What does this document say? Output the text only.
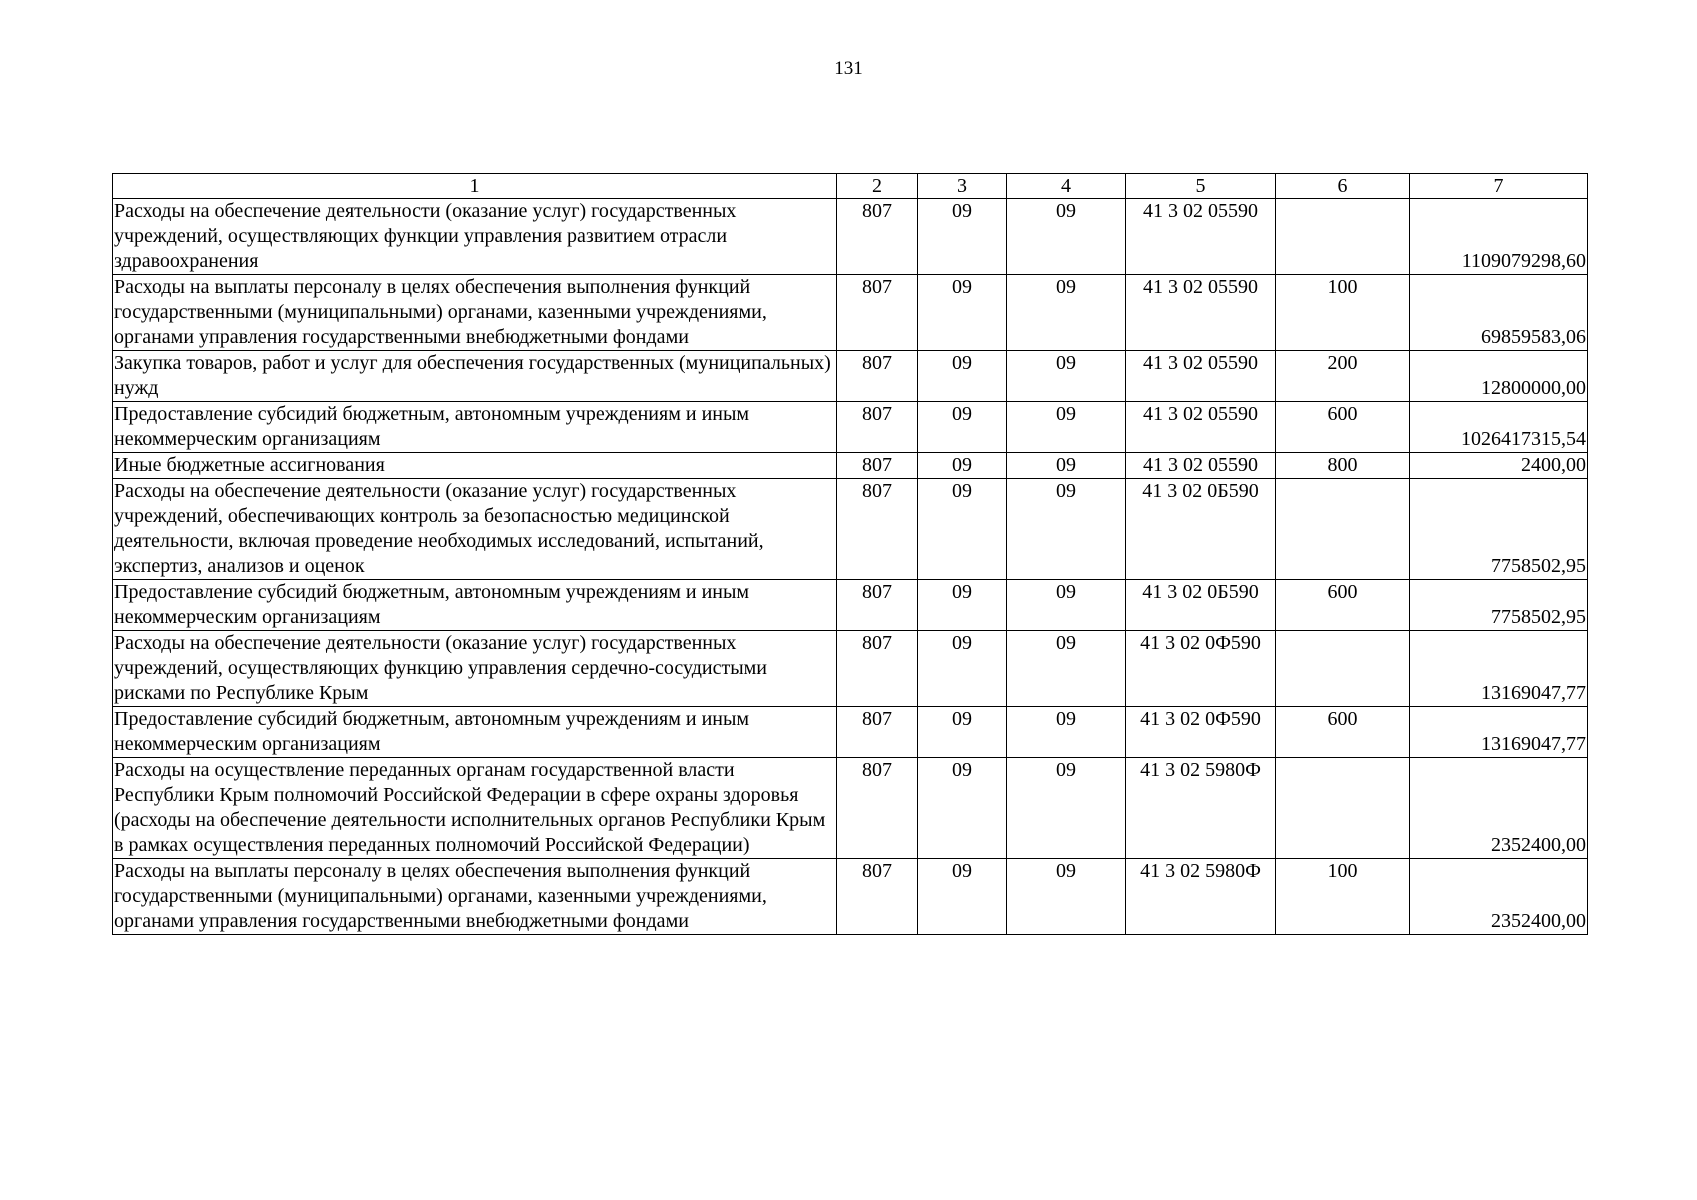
131
1	2	3	4	5	6	7
Расходы на обеспечение деятельности (оказание услуг) государственных учреждений, осуществляющих функции управления развитием отрасли здравоохранения	807	09	09	41 3 02 05590		1109079298,60
Расходы на выплаты персоналу в целях обеспечения выполнения функций государственными (муниципальными) органами, казенными учреждениями, органами управления государственными внебюджетными фондами	807	09	09	41 3 02 05590	100	69859583,06
Закупка товаров, работ и услуг для обеспечения государственных (муниципальных) нужд	807	09	09	41 3 02 05590	200	12800000,00
Предоставление субсидий бюджетным, автономным учреждениям и иным некоммерческим организациям	807	09	09	41 3 02 05590	600	1026417315,54
Иные бюджетные ассигнования	807	09	09	41 3 02 05590	800	2400,00
Расходы на обеспечение деятельности (оказание услуг) государственных учреждений, обеспечивающих контроль за безопасностью медицинской деятельности, включая проведение необходимых исследований, испытаний, экспертиз, анализов и оценок	807	09	09	41 3 02 0Б590		7758502,95
Предоставление субсидий бюджетным, автономным учреждениям и иным некоммерческим организациям	807	09	09	41 3 02 0Б590	600	7758502,95
Расходы на обеспечение деятельности (оказание услуг) государственных учреждений, осуществляющих функцию управления сердечно-сосудистыми рисками по Республике Крым	807	09	09	41 3 02 0Ф590		13169047,77
Предоставление субсидий бюджетным, автономным учреждениям и иным некоммерческим организациям	807	09	09	41 3 02 0Ф590	600	13169047,77
Расходы на осуществление переданных органам государственной власти Республики Крым полномочий Российской Федерации в сфере охраны здоровья (расходы на обеспечение деятельности исполнительных органов Республики Крым в рамках осуществления переданных полномочий Российской Федерации)	807	09	09	41 3 02 5980Ф		2352400,00
Расходы на выплаты персоналу в целях обеспечения выполнения функций государственными (муниципальными) органами, казенными учреждениями, органами управления государственными внебюджетными фондами	807	09	09	41 3 02 5980Ф	100	2352400,00
